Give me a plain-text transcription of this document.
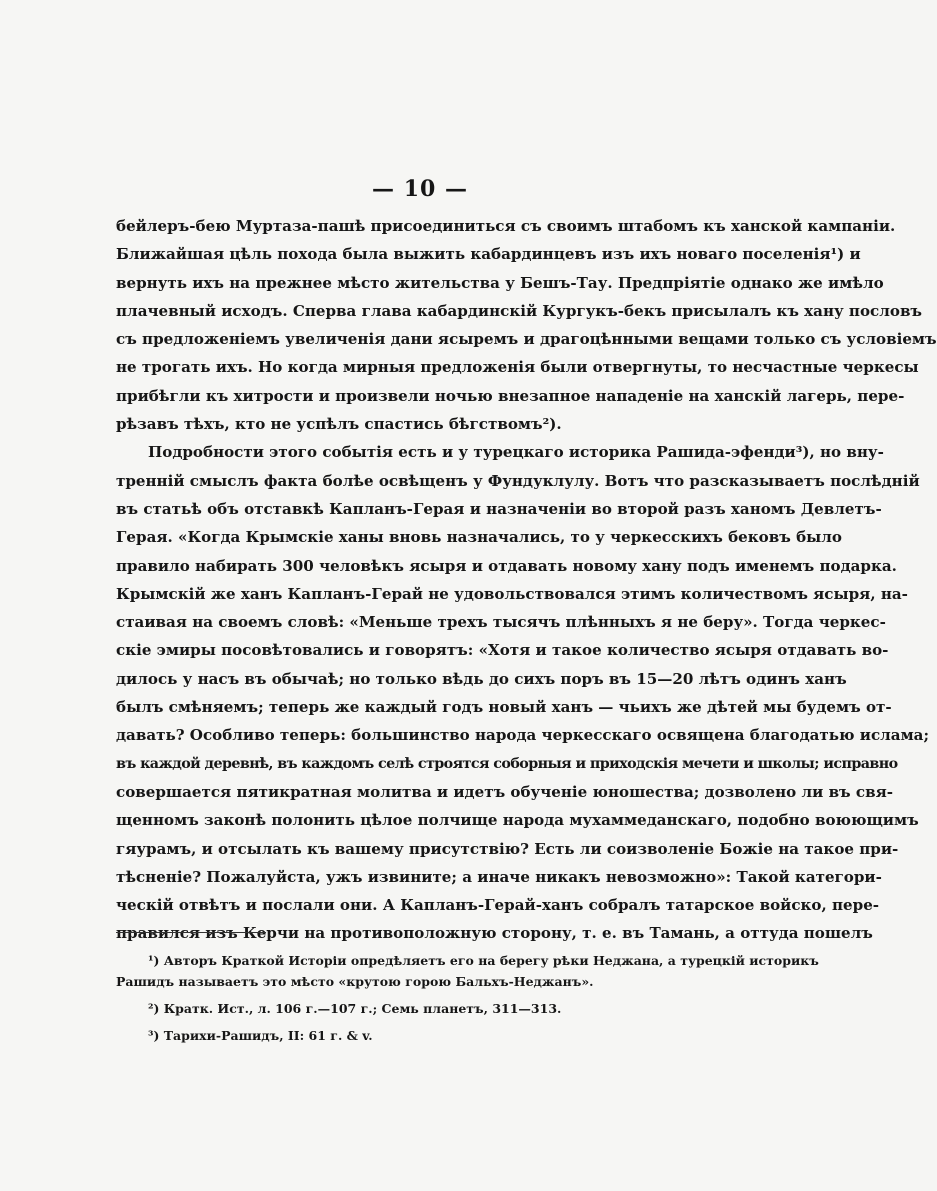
— 10 —
бейлеръ-бею Муртаза-пашѣ присоединиться съ своимъ штабомъ къ ханской кампаніи.
Ближайшая цѣль похода была выжить кабардинцевъ изъ ихъ новаго поселенія¹) и
вернуть ихъ на прежнее мѣсто жительства у Бешъ-Тау. Предпріятіе однако же имѣло
плачевный исходъ. Сперва глава кабардинскій Кургукъ-бекъ присылалъ къ хану пословъ
съ предложеніемъ увеличенія дани ясыремъ и драгоцѣнными вещами только съ условіемъ
не трогать ихъ. Но когда мирныя предложенія были отвергнуты, то несчастные черкесы
прибѣгли къ хитрости и произвели ночью внезапное нападеніе на ханскій лагерь, пере-
рѣзавъ тѣхъ, кто не успѣлъ спастись бѣгствомъ²).
Подробности этого событія есть и у турецкаго историка Рашида-эфенди³), но вну-
тренній смыслъ факта болѣе освѣщенъ у Фундуклулу. Вотъ что разсказываетъ послѣдній
въ статьѣ объ отставкѣ Капланъ-Герая и назначеніи во второй разъ ханомъ Девлетъ-
Герая. «Когда Крымскіе ханы вновь назначались, то у черкесскихъ бековъ было
правило набирать 300 человѣкъ ясыря и отдавать новому хану подъ именемъ подарка.
Крымскій же ханъ Капланъ-Герай не удовольствовался этимъ количествомъ ясыря, на-
стаивая на своемъ словѣ: «Меньше трехъ тысячъ плѣнныхъ я не беру». Тогда черкес-
скіе эмиры посовѣтовались и говорятъ: «Хотя и такое количество ясыря отдавать во-
дилось у насъ въ обычаѣ; но только вѣдь до сихъ поръ въ 15—20 лѣтъ одинъ ханъ
былъ смѣняемъ; теперь же каждый годъ новый ханъ — чьихъ же дѣтей мы будемъ от-
давать? Особливо теперь: большинство народа черкесскаго освящена благодатью ислама;
въ каждой деревнѣ, въ каждомъ селѣ строятся соборныя и приходскія мечети и школы; исправно
совершается пятикратная молитва и идетъ обученіе юношества; дозволено ли въ свя-
щенномъ законѣ полонить цѣлое полчище народа мухаммеданскаго, подобно воюющимъ
гяурамъ, и отсылать къ вашему присутствію? Есть ли соизволеніе Божіе на такое при-
тѣсненіе? Пожалуйста, ужъ извините; а иначе никакъ невозможно»: Такой категори-
ческій отвѣтъ и послали они. А Капланъ-Герай-ханъ собралъ татарское войско, пере-
правился изъ Керчи на противоположную сторону, т. е. въ Тамань, а оттуда пошелъ
¹) Авторъ Краткой Исторіи опредѣляетъ его на берегу рѣки Неджана, а турецкій историкъ
Рашидъ называетъ это мѣсто «крутою горою Бальхъ-Неджанъ».
²) Кратк. Ист., л. 106 г.—107 г.; Семь планетъ, 311—313.
³) Тарихи-Рашидъ, II: 61 г. & v.
